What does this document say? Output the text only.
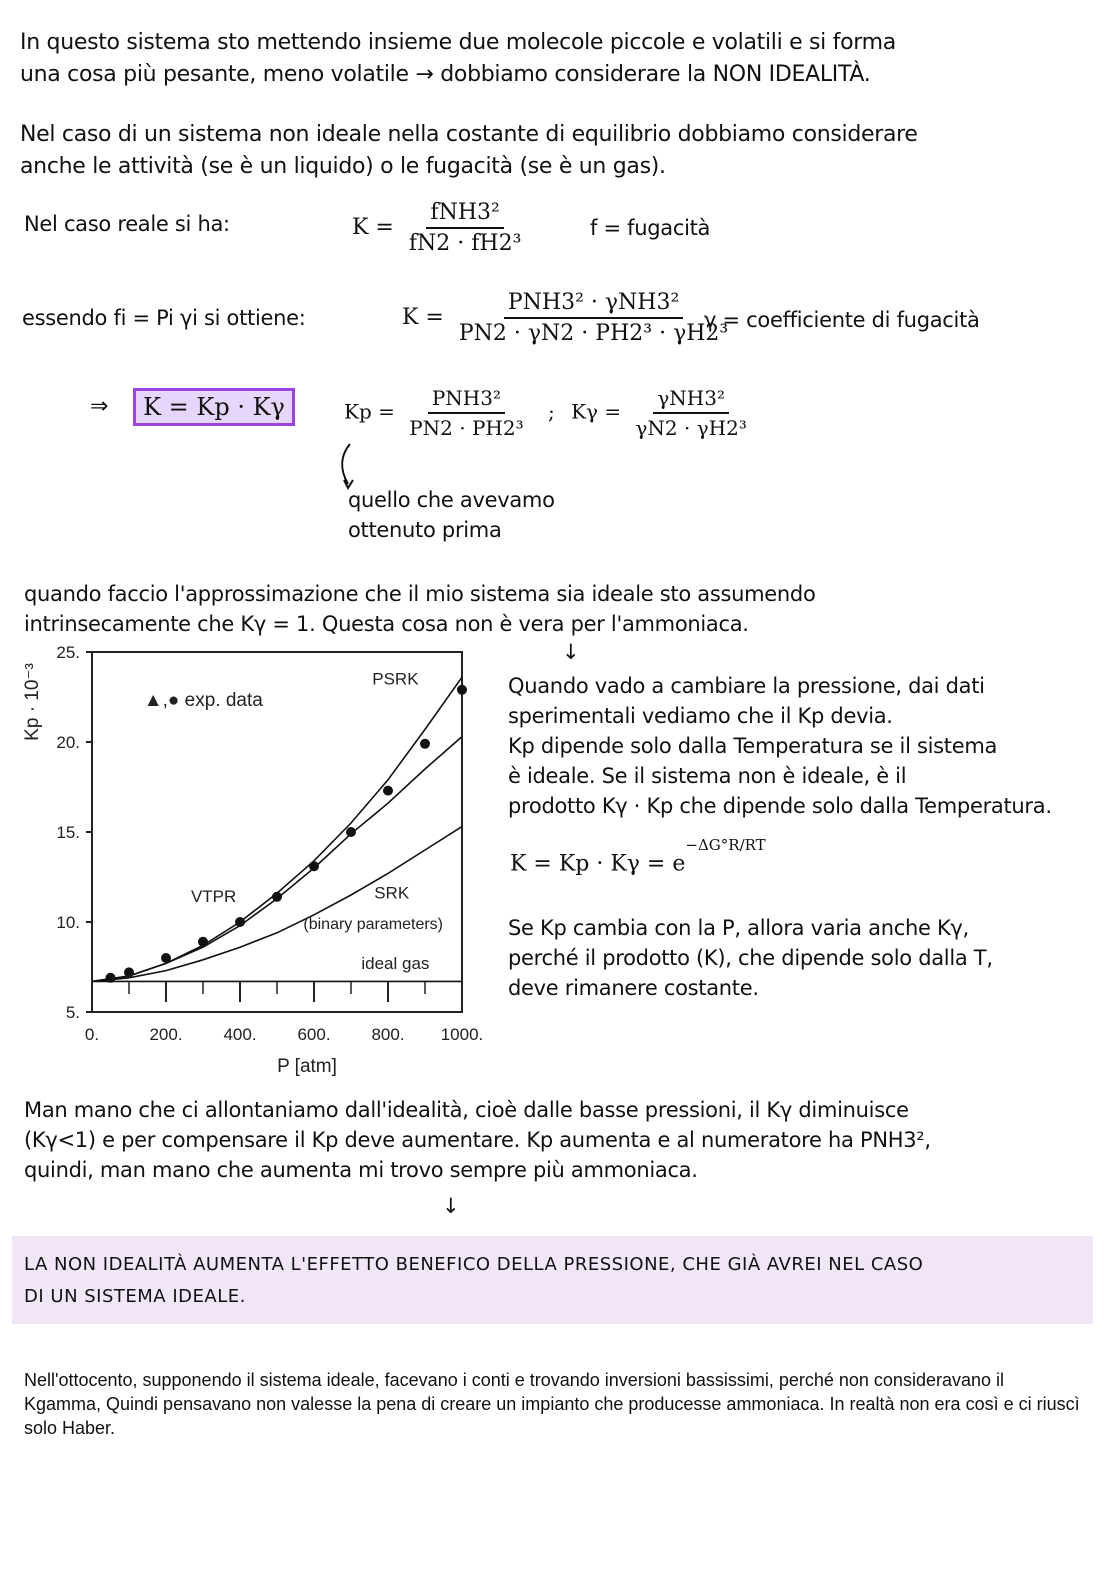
In questo sistema sto mettendo insieme due molecole piccole e volatili e si forma
una cosa più pesante, meno volatile → dobbiamo considerare la NON IDEALITÀ.
Nel caso di un sistema non ideale nella costante di equilibrio dobbiamo considerare
anche le attività (se è un liquido) o le fugacità (se è un gas).
Nel caso reale si ha:	$K = \frac{\text{fNH3²}}{\text{fN2 · fH2³}}$	f = fugacità
essendo fi = Pi γi si ottiene:	$K = \frac{\text{PNH3² · γNH3²}}{\text{PN2 · γN2 · PH2³ · γH2³}}$
γ = coefficiente di fugacità
⇒	K = Kp · Kγ	$Kp = \frac{\text{PNH3²}}{\text{PN2 · PH2³}}$ ; $K\gamma = \frac{\text{γNH3²}}{\text{γN2 · γH2³}}$
quello che avevamo
ottenuto prima
quando faccio l'approssimazione che il mio sistema sia ideale sto assumendo
intrinsecamente che Kγ = 1. Questa cosa non è vera per l'ammoniaca.
↓
5.
10.
15.
20.
25.
0.	200. 400. 600. 800. 1000.
P [atm]
Kp · 10⁻³	▲,● exp. data
PSRK
VTPR	SRK
(binary parameters)
ideal gas
Quando vado a cambiare la pressione, dai dati
sperimentali vediamo che il Kp devia.
Kp dipende solo dalla Temperatura se il sistema
è ideale. Se il sistema non è ideale, è il
prodotto Kγ · Kp che dipende solo dalla Temperatura.
$K = Kp \cdot K\gamma = e^{-\Delta G^\circ R/RT}$
Se Kp cambia con la P, allora varia anche Kγ,
perché il prodotto (K), che dipende solo dalla T,
deve rimanere costante.
Man mano che ci allontaniamo dall'idealità, cioè dalle basse pressioni, il Kγ diminuisce
(Kγ<1) e per compensare il Kp deve aumentare. Kp aumenta e al numeratore ha PNH3²,
quindi, man mano che aumenta mi trovo sempre più ammoniaca.
↓
LA NON IDEALITÀ AUMENTA L'EFFETTO BENEFICO DELLA PRESSIONE, CHE GIÀ AVREI NEL CASO
DI UN SISTEMA IDEALE.
Nell'ottocento, supponendo il sistema ideale, facevano i conti e trovando inversioni bassissimi, perché non consideravano il Kgamma, Quindi pensavano non valesse la pena di creare un impianto che producesse ammoniaca. In realtà non era così e ci riuscì solo Haber.
